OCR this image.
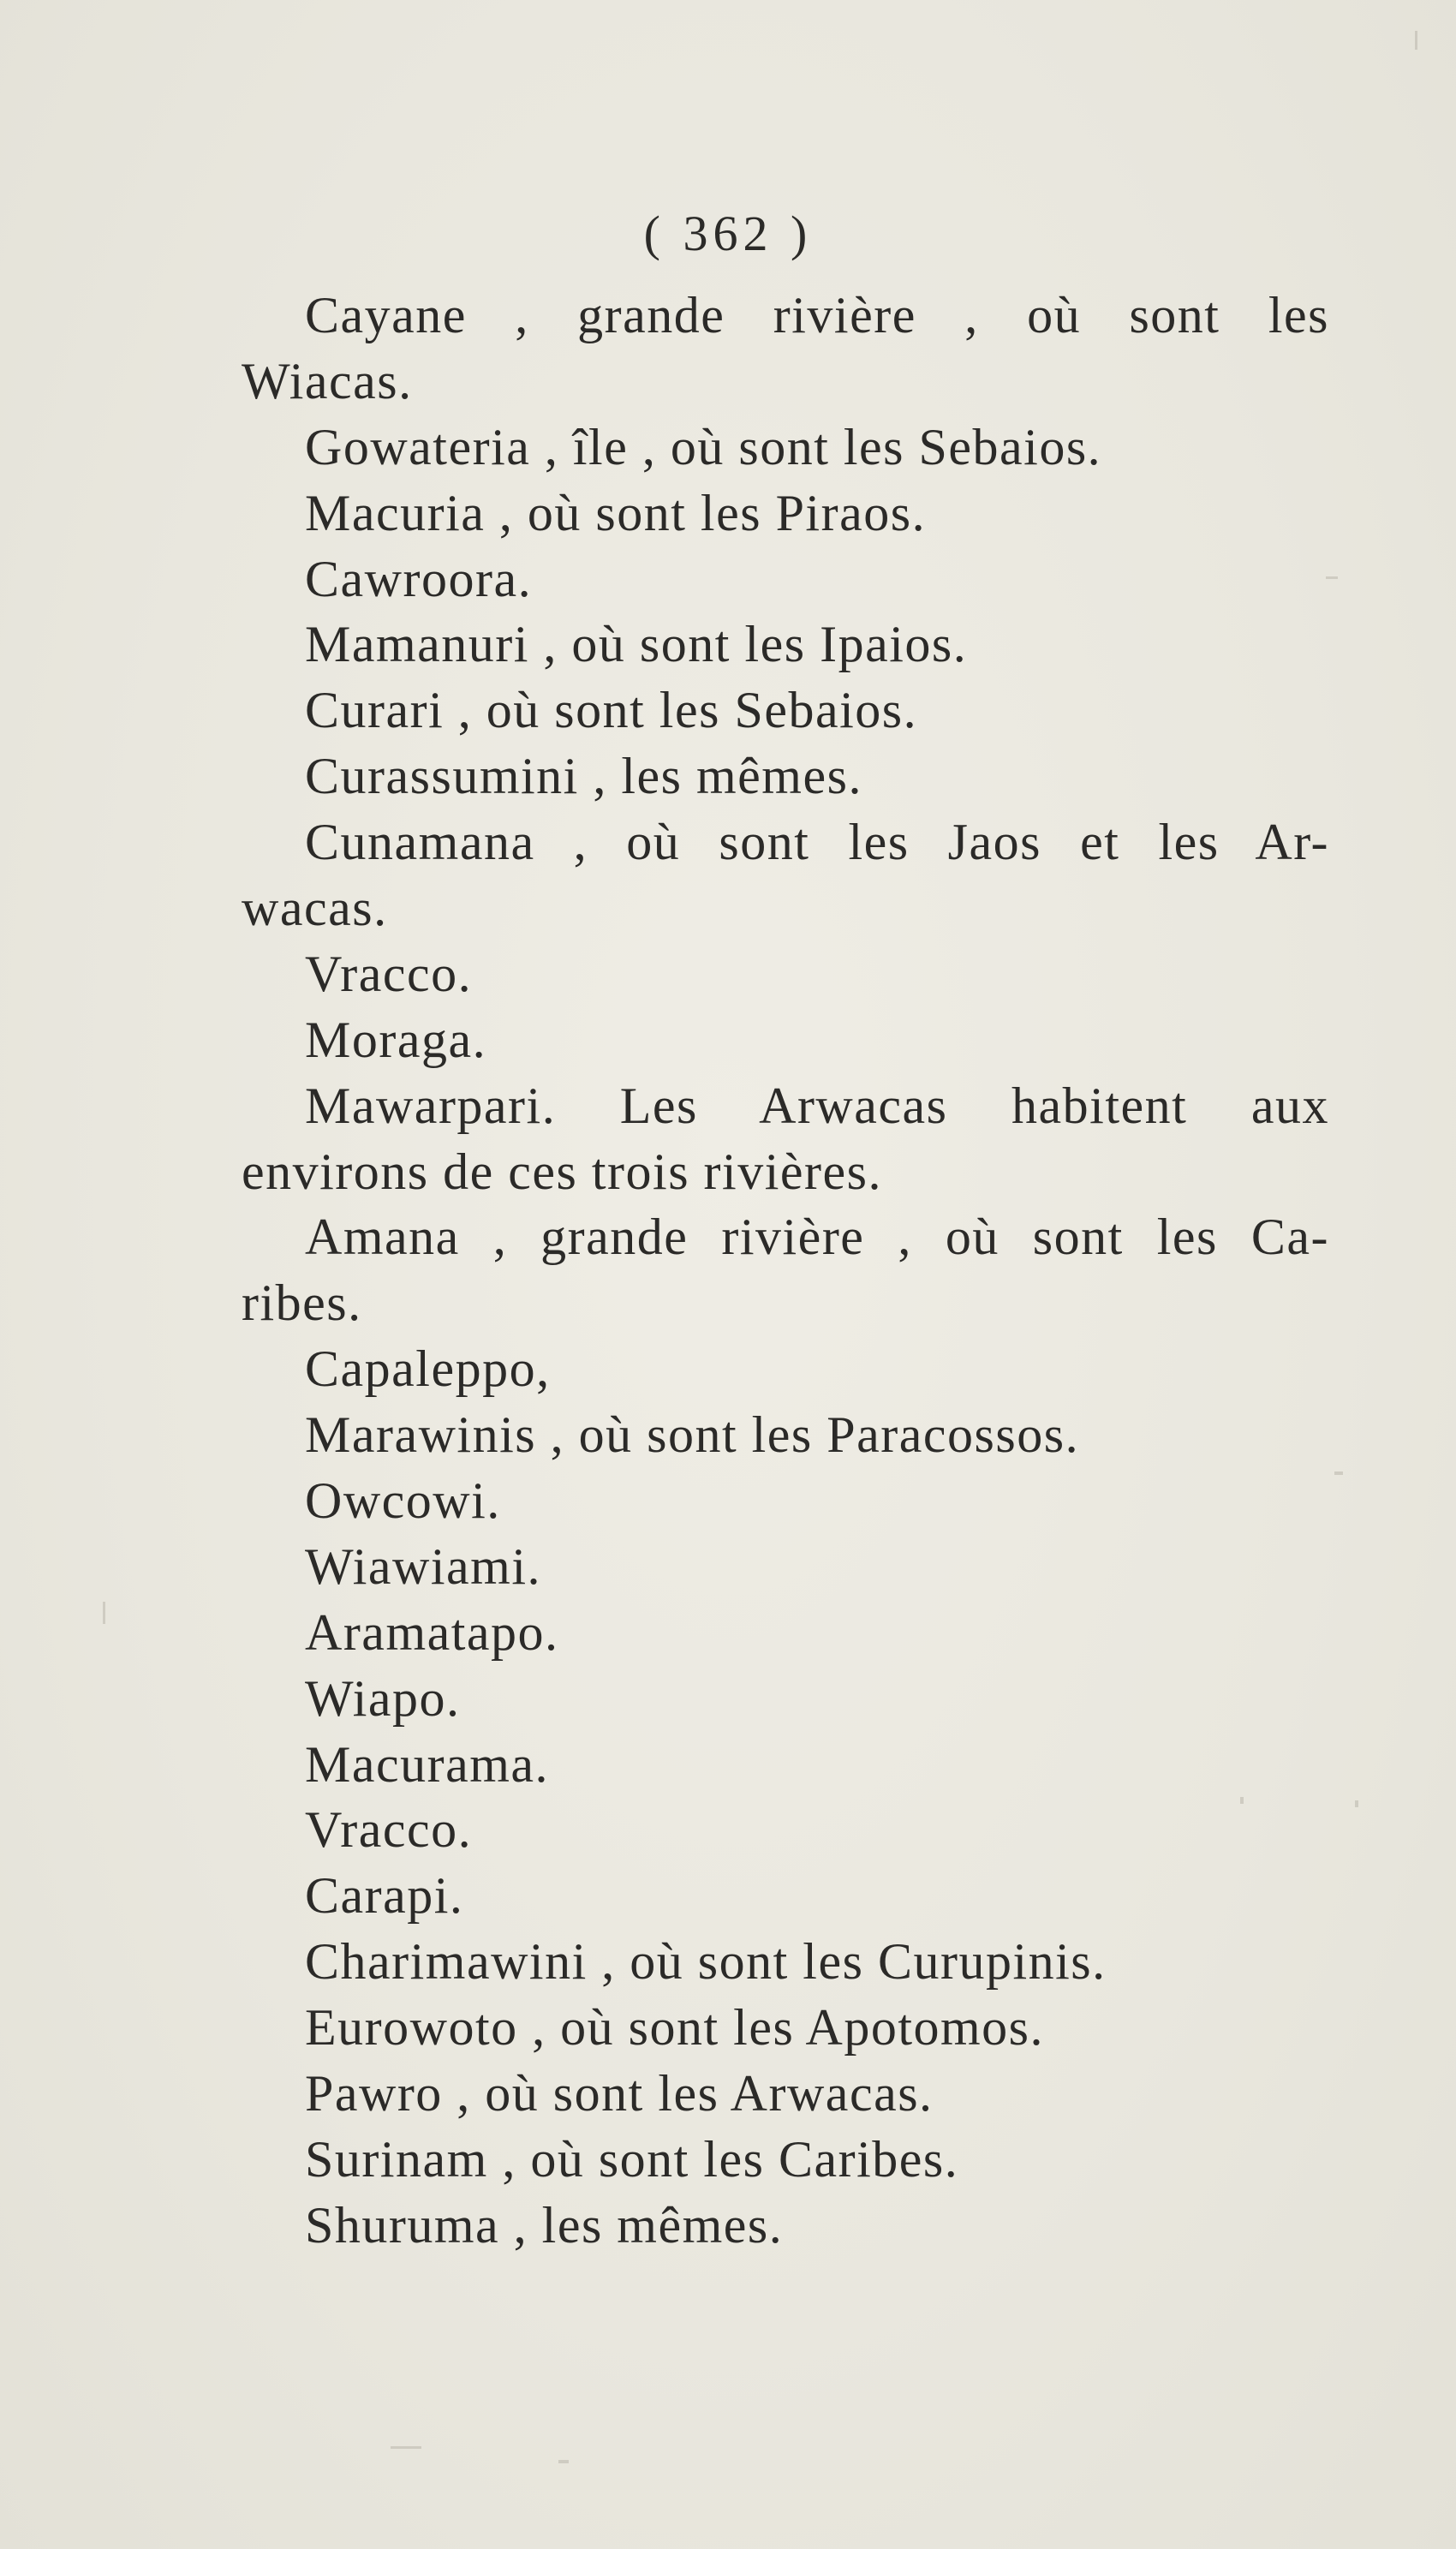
( 362 )
Cayane , grande rivière , où sont les
Wiacas.
Gowateria , île , où sont les Sebaios.
Macuria , où sont les Piraos.
Cawroora.
Mamanuri , où sont les Ipaios.
Curari , où sont les Sebaios.
Curassumini , les mêmes.
Cunamana , où sont les Jaos et les Ar-
wacas.
Vracco.
Moraga.
Mawarpari. Les Arwacas habitent aux
environs de ces trois rivières.
Amana , grande rivière , où sont les Ca-
ribes.
Capaleppo,
Marawinis , où sont les Paracossos.
Owcowi.
Wiawiami.
Aramatapo.
Wiapo.
Macurama.
Vracco.
Carapi.
Charimawini , où sont les Curupinis.
Eurowoto , où sont les Apotomos.
Pawro , où sont les Arwacas.
Surinam , où sont les Caribes.
Shuruma , les mêmes.
